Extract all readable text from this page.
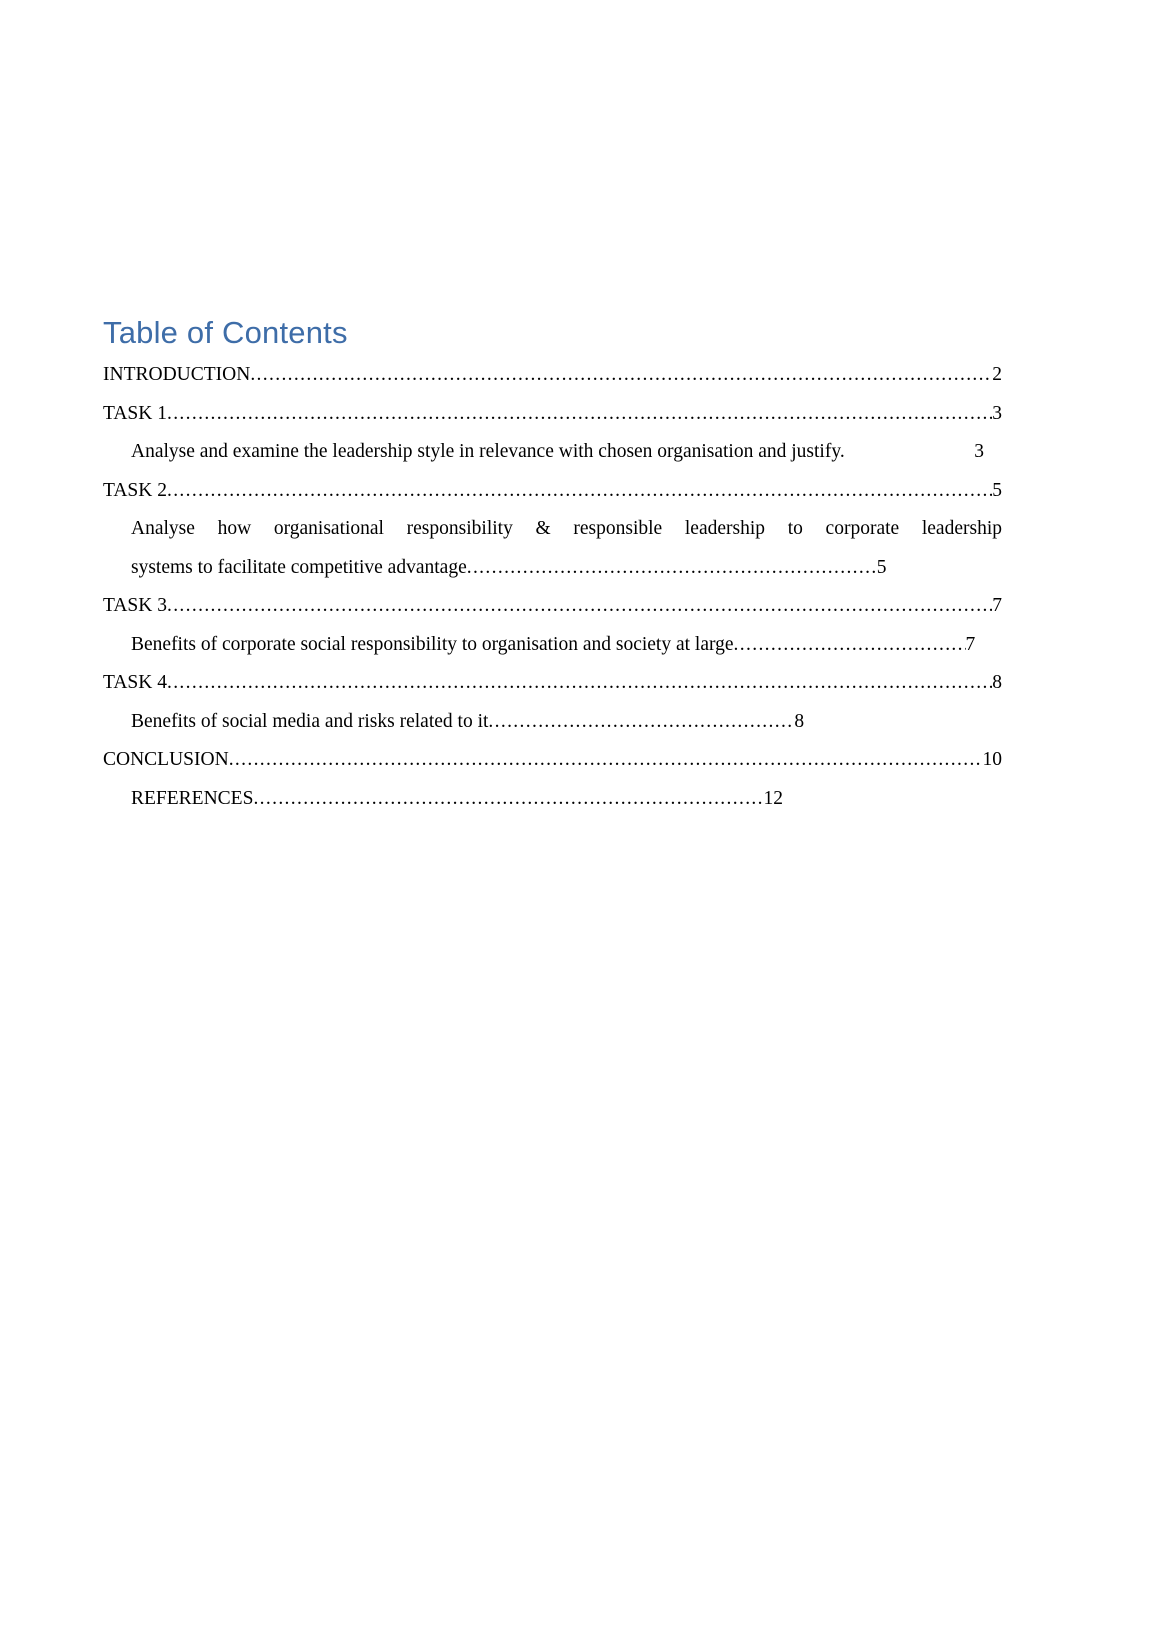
Table of Contents
INTRODUCTION .....	2
TASK 1 .....	3
Analyse and examine the leadership style in relevance with chosen organisation and justify.	3
TASK 2 .....	5
Analyse how organisational responsibility & responsible leadership to corporate leadership
systems to facilitate competitive advantage .....	5
TASK 3 .....	7
Benefits of corporate social responsibility to organisation and society at large .....	7
TASK 4 .....	8
Benefits of social media and risks related to it .....	8
CONCLUSION .....	10
REFERENCES .....	12
